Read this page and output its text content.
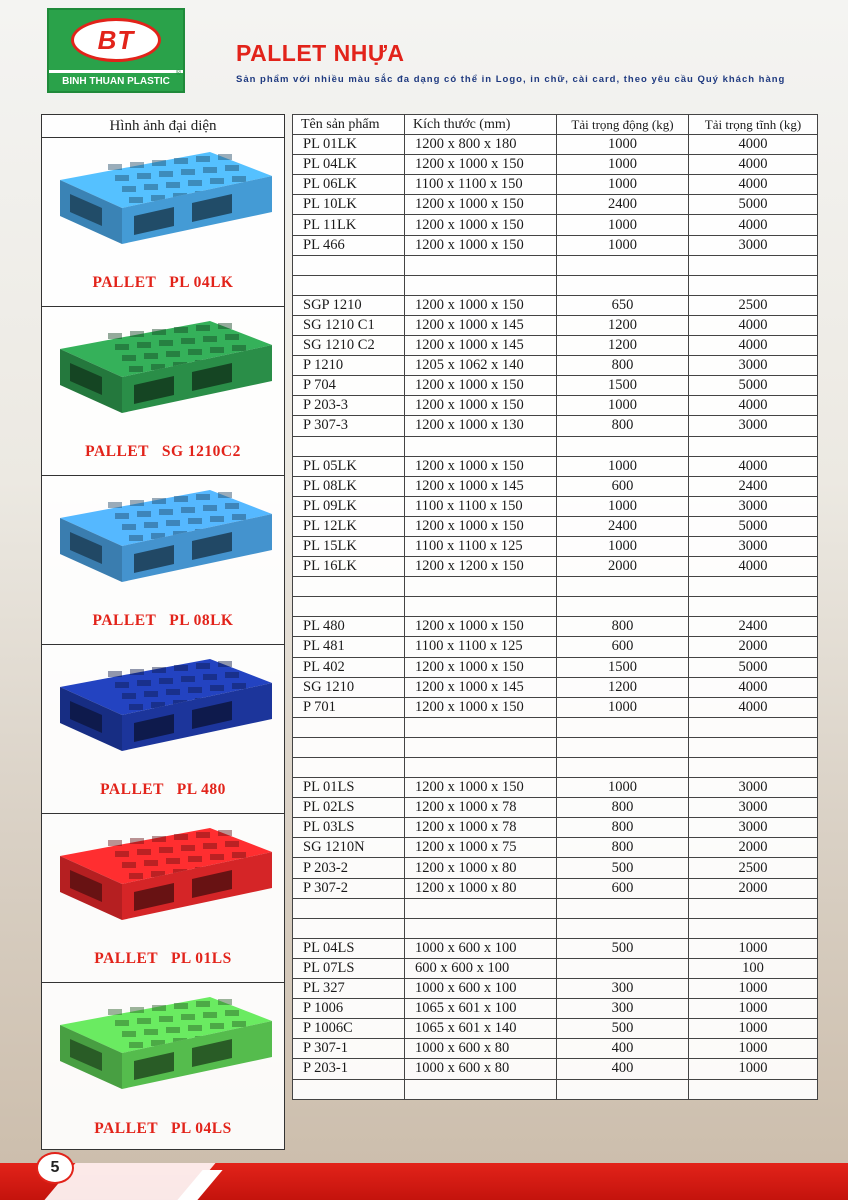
BT
BINH THUAN PLASTIC
®
PALLET NHỰA
Sản phẩm với nhiều màu sắc đa dạng có thể in Logo, in chữ, cài card, theo yêu cầu Quý khách hàng
Hình ảnh đại diện
PALLET   PL 04LK
PALLET   SG 1210C2
PALLET   PL 08LK
PALLET   PL 480
PALLET   PL 01LS
PALLET   PL 04LS
Tên sản phẩm	Kích thước (mm)	Tải trọng động (kg)	Tải trọng tĩnh (kg)
PL 01LK	1200 x 800 x 180	1000	4000
PL 04LK	1200 x 1000 x 150	1000	4000
PL 06LK	1100 x 1100 x 150	1000	4000
PL 10LK	1200 x 1000 x 150	2400	5000
PL 11LK	1200 x 1000 x 150	1000	4000
PL 466	1200 x 1000 x 150	1000	3000

SGP 1210	1200 x 1000 x 150	650	2500
SG 1210 C1	1200 x 1000 x 145	1200	4000
SG 1210 C2	1200 x 1000 x 145	1200	4000
P 1210	1205 x 1062 x 140	800	3000
P 704	1200 x 1000 x 150	1500	5000
P 203-3	1200 x 1000 x 150	1000	4000
P 307-3	1200 x 1000 x 130	800	3000

PL 05LK	1200 x 1000 x 150	1000	4000
PL 08LK	1200 x 1000 x 145	600	2400
PL 09LK	1100 x 1100 x 150	1000	3000
PL 12LK	1200 x 1000 x 150	2400	5000
PL 15LK	1100 x 1100 x 125	1000	3000
PL 16LK	1200 x 1200 x 150	2000	4000

PL 480	1200 x 1000 x 150	800	2400
PL 481	1100 x 1100 x 125	600	2000
PL 402	1200 x 1000 x 150	1500	5000
SG 1210	1200 x 1000 x 145	1200	4000
P 701	1200 x 1000 x 150	1000	4000

PL 01LS	1200 x 1000 x 150	1000	3000
PL 02LS	1200 x 1000 x 78	800	3000
PL 03LS	1200 x 1000 x 78	800	3000
SG 1210N	1200 x 1000 x 75	800	2000
P 203-2	1200 x 1000 x 80	500	2500
P 307-2	1200 x 1000 x 80	600	2000

PL 04LS	1000 x 600 x 100	500	1000
PL 07LS	600 x 600 x 100		100
PL 327	1000 x 600 x 100	300	1000
P 1006	1065 x 601 x 100	300	1000
P 1006C	1065 x 601 x 140	500	1000
P 307-1	1000 x 600 x 80	400	1000
P 203-1	1000 x 600 x 80	400	1000

5
